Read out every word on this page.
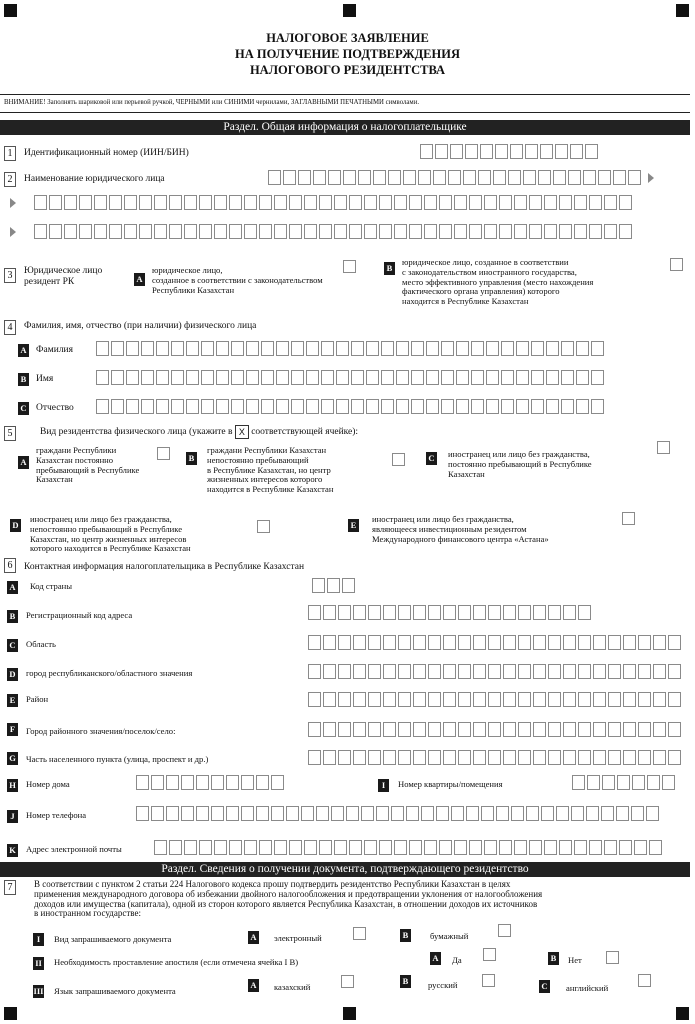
НАЛОГОВОЕ ЗАЯВЛЕНИЕ
НА ПОЛУЧЕНИЕ ПОДТВЕРЖДЕНИЯ
НАЛОГОВОГО РЕЗИДЕНТСТВА
ВНИМАНИЕ! Заполнять шариковой или перьевой ручкой, ЧЕРНЫМИ или СИНИМИ чернилами, ЗАГЛАВНЫМИ ПЕЧАТНЫМИ символами.
Раздел. Общая информация о налогоплательщике
1	Идентификационный номер (ИИН/БИН)
2	Наименование юридического лица
3	Юридическое лицо
резидент РК	A
юридическое лицо,
созданное в соответствии с законодательством
Республики Казахстан
B
юридическое лицо, созданное в соответствии
с законодательством иностранного государства,
место эффективного управления (место нахождения
фактического органа управления) которого
находится в Республике Казахстан
4	Фамилия, имя, отчество (при наличии) физического лица
A Фамилия
B Имя
C Отчество
5	Вид резидентства физического лица (укажите в X соответствующей ячейке):
A
граждани Республики
Казахстан постоянно
пребывающий в Республике
Казахстан
B
граждани Республики Казахстан
непостоянно пребывающий
в Республике Казахстан, но центр
жизненных интересов которого
находится в Республике Казахстан
C иностранец или лицо без гражданства,
постоянно пребывающий в Республике
Казахстан
D
иностранец или лицо без гражданства,
непостоянно пребывающий в Республике
Казахстан, но центр жизненных интересов
которого находится в Республике Казахстан
E
иностранец или лицо без гражданства,
являющееся инвестиционным резидентом
Международного финансового центра «Астана»
6	Контактная информация налогоплательщика в Республике Казахстан
A Код страны
B	Регистрационный код адреса
C Область
D город республиканского/областного значения
E	Район
F	Город районного значения/поселок/село:
G Часть населенного пункта (улица, проспект и др.)
H Номер дома	I	Номер квартиры/помещения
J	Номер телефона
K Адрес электронной почты
Раздел. Сведения о получении документа, подтверждающего резидентство
7	В соответствии с пунктом 2 статьи 224 Налогового кодекса прошу подтвердить резидентство Республики Казахстан в целях
применения международного договора об избежании двойного налогообложения и предотвращении уклонения от налогообложения
доходов или имущества (капитала), одной из сторон которого является Республика Казахстан, в отношении доходов их источников
в иностранном государстве:
I	Вид запрашиваемого документа	A электронный	B	бумажный
II Необходимость проставление апостиля (если отмечена ячейка I B)	A Да	B	Нет
III Язык запрашиваемого документа
A казахский
B	русский	C английский
